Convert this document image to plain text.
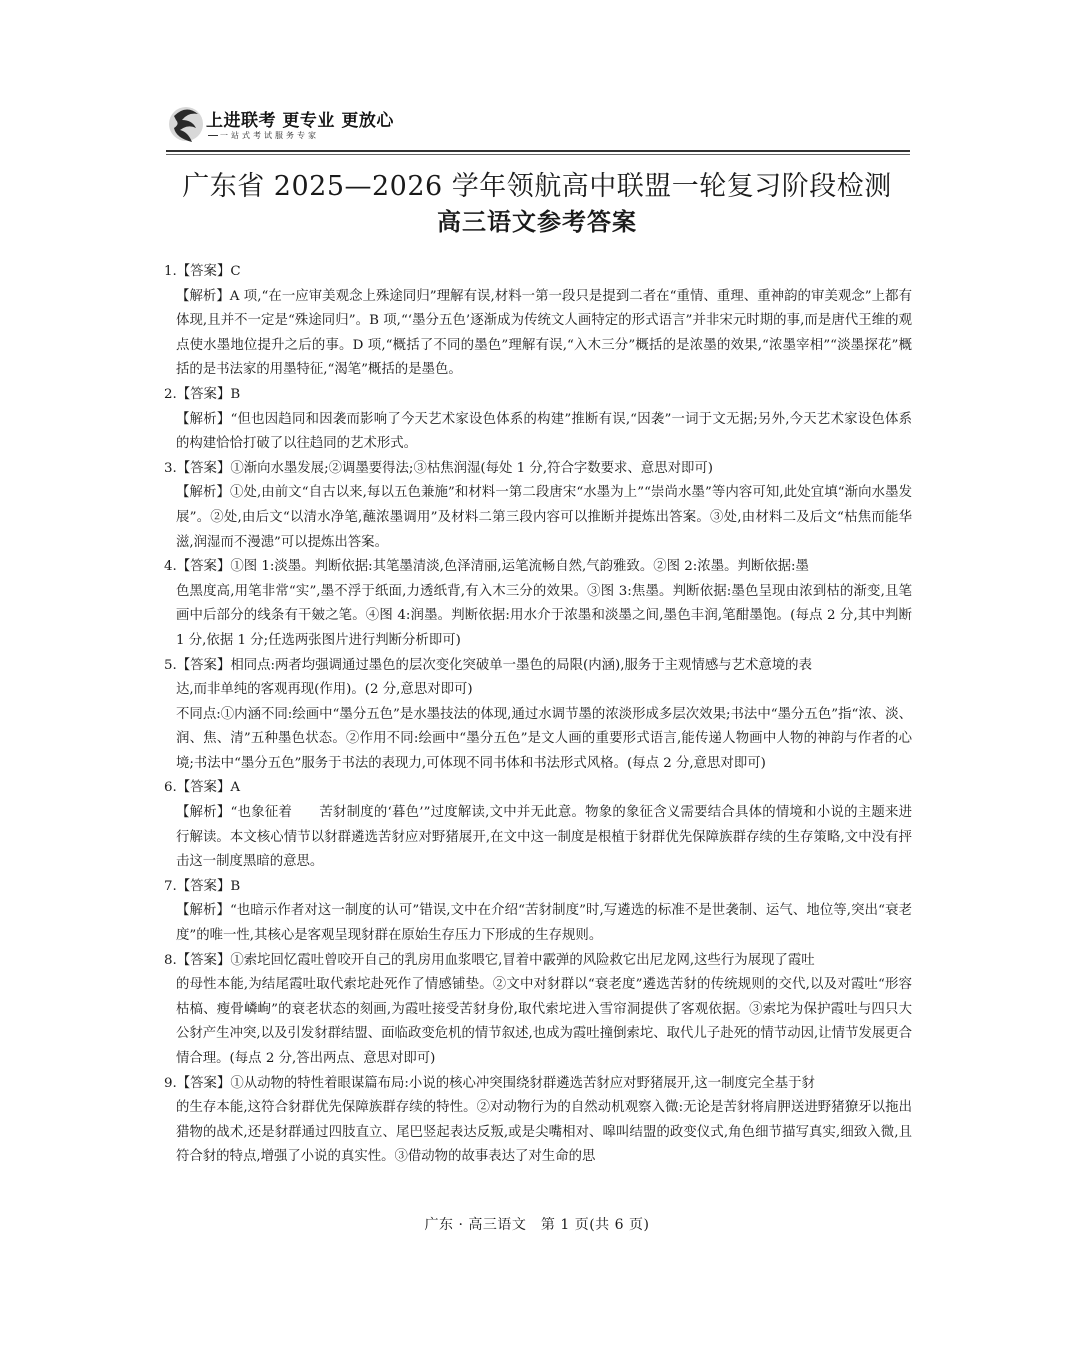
上进联考 更专业 更放心
一站式考试服务专家
广东省 2025—2026 学年领航高中联盟一轮复习阶段检测
高三语文参考答案

1.【答案】C

【解析】A 项,“在一应审美观念上殊途同归”理解有误,材料一第一段只是提到二者在“重情、重理、重神韵的审美观念”上都有体现,且并不一定是“殊途同归”。B 项,“‘墨分五色’逐渐成为传统文人画特定的形式语言”并非宋元时期的事,而是唐代王维的观点使水墨地位提升之后的事。D 项,“概括了不同的墨色”理解有误,“入木三分”概括的是浓墨的效果,“浓墨宰相”“淡墨探花”概括的是书法家的用墨特征,“渴笔”概括的是墨色。

2.【答案】B

【解析】“但也因趋同和因袭而影响了今天艺术家设色体系的构建”推断有误,“因袭”一词于文无据;另外,今天艺术家设色体系的构建恰恰打破了以往趋同的艺术形式。

3.【答案】①渐向水墨发展;②调墨要得法;③枯焦润湿(每处 1 分,符合字数要求、意思对即可)

【解析】①处,由前文“自古以来,每以五色兼施”和材料一第二段唐宋“水墨为上”“崇尚水墨”等内容可知,此处宜填“渐向水墨发展”。②处,由后文“以清水净笔,蘸浓墨调用”及材料二第三段内容可以推断并提炼出答案。③处,由材料二及后文“枯焦而能华滋,润湿而不漫漶”可以提炼出答案。

4.【答案】①图 1:淡墨。判断依据:其笔墨清淡,色泽清丽,运笔流畅自然,气韵雅致。②图 2:浓墨。判断依据:墨

色黑度高,用笔非常“实”,墨不浮于纸面,力透纸背,有入木三分的效果。③图 3:焦墨。判断依据:墨色呈现由浓到枯的渐变,且笔画中后部分的线条有干皴之笔。④图 4:润墨。判断依据:用水介于浓墨和淡墨之间,墨色丰润,笔酣墨饱。(每点 2 分,其中判断 1 分,依据 1 分;任选两张图片进行判断分析即可)

5.【答案】相同点:两者均强调通过墨色的层次变化突破单一墨色的局限(内涵),服务于主观情感与艺术意境的表

达,而非单纯的客观再现(作用)。(2 分,意思对即可)

不同点:①内涵不同:绘画中“墨分五色”是水墨技法的体现,通过水调节墨的浓淡形成多层次效果;书法中“墨分五色”指“浓、淡、润、焦、清”五种墨色状态。②作用不同:绘画中“墨分五色”是文人画的重要形式语言,能传递人物画中人物的神韵与作者的心境;书法中“墨分五色”服务于书法的表现力,可体现不同书体和书法形式风格。(每点 2 分,意思对即可)

6.【答案】A

【解析】“也象征着　　苦豺制度的‘暮色’”过度解读,文中并无此意。物象的象征含义需要结合具体的情境和小说的主题来进行解读。本文核心情节以豺群遴选苦豺应对野猪展开,在文中这一制度是根植于豺群优先保障族群存续的生存策略,文中没有抨击这一制度黑暗的意思。

7.【答案】B

【解析】“也暗示作者对这一制度的认可”错误,文中在介绍“苦豺制度”时,写遴选的标准不是世袭制、运气、地位等,突出“衰老度”的唯一性,其核心是客观呈现豺群在原始生存压力下形成的生存规则。

8.【答案】①索坨回忆霞吐曾咬开自己的乳房用血浆喂它,冒着中霰弹的风险救它出尼龙网,这些行为展现了霞吐

的母性本能,为结尾霞吐取代索坨赴死作了情感铺垫。②文中对豺群以“衰老度”遴选苦豺的传统规则的交代,以及对霞吐“形容枯槁、瘦骨嶙峋”的衰老状态的刻画,为霞吐接受苦豺身份,取代索坨进入雪帘洞提供了客观依据。③索坨为保护霞吐与四只大公豺产生冲突,以及引发豺群结盟、面临政变危机的情节叙述,也成为霞吐撞倒索坨、取代儿子赴死的情节动因,让情节发展更合情合理。(每点 2 分,答出两点、意思对即可)

9.【答案】①从动物的特性着眼谋篇布局:小说的核心冲突围绕豺群遴选苦豺应对野猪展开,这一制度完全基于豺

的生存本能,这符合豺群优先保障族群存续的特性。②对动物行为的自然动机观察入微:无论是苦豺将肩胛送进野猪獠牙以拖出猎物的战术,还是豺群通过四肢直立、尾巴竖起表达反叛,或是尖嘴相对、嗥叫结盟的政变仪式,角色细节描写真实,细致入微,且符合豺的特点,增强了小说的真实性。③借动物的故事表达了对生命的思

广东 · 高三语文　第 1 页(共 6 页)
